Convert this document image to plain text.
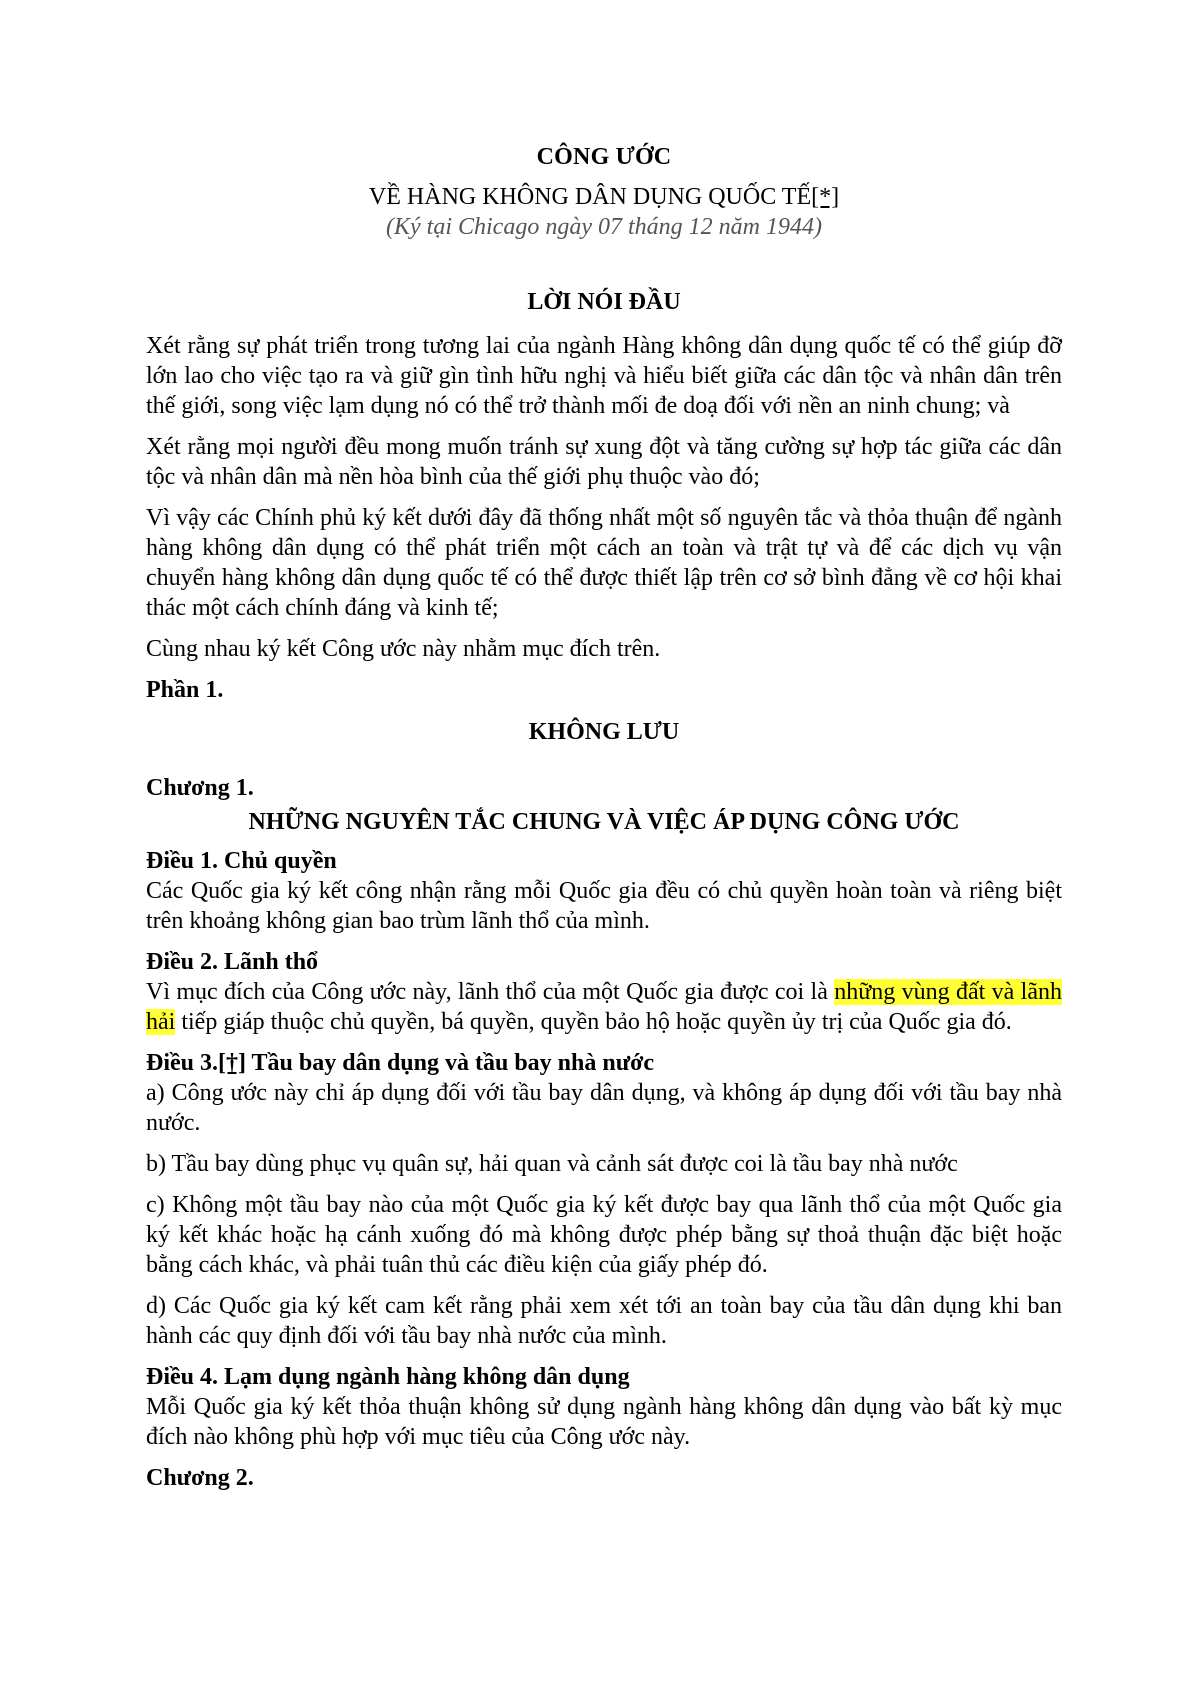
CÔNG ƯỚC
VỀ HÀNG KHÔNG DÂN DỤNG QUỐC TẾ[*]
(Ký tại Chicago ngày 07 tháng 12 năm 1944)
LỜI NÓI ĐẦU

Xét rằng sự phát triển trong tương lai của ngành Hàng không dân dụng quốc tế có thể giúp đỡ lớn lao cho việc tạo ra và giữ gìn tình hữu nghị và hiểu biết giữa các dân tộc và nhân dân trên thế giới, song việc lạm dụng nó có thể trở thành mối đe doạ đối với nền an ninh chung; và

Xét rằng mọi người đều mong muốn tránh sự xung đột và tăng cường sự hợp tác giữa các dân tộc và nhân dân mà nền hòa bình của thế giới phụ thuộc vào đó;

Vì vậy các Chính phủ ký kết dưới đây đã thống nhất một số nguyên tắc và thỏa thuận để ngành hàng không dân dụng có thể phát triển một cách an toàn và trật tự và để các dịch vụ vận chuyển hàng không dân dụng quốc tế có thể được thiết lập trên cơ sở bình đẳng về cơ hội khai thác một cách chính đáng và kinh tế;

Cùng nhau ký kết Công ước này nhằm mục đích trên.

Phần 1.
KHÔNG LƯU
Chương 1.
NHỮNG NGUYÊN TẮC CHUNG VÀ VIỆC ÁP DỤNG CÔNG ƯỚC
Điều 1. Chủ quyền

Các Quốc gia ký kết công nhận rằng mỗi Quốc gia đều có chủ quyền hoàn toàn và riêng biệt trên khoảng không gian bao trùm lãnh thổ của mình.

Điều 2. Lãnh thổ

Vì mục đích của Công ước này, lãnh thổ của một Quốc gia được coi là những vùng đất và lãnh hải tiếp giáp thuộc chủ quyền, bá quyền, quyền bảo hộ hoặc quyền ủy trị của Quốc gia đó.

Điều 3.[†] Tầu bay dân dụng và tầu bay nhà nước

a) Công ước này chỉ áp dụng đối với tầu bay dân dụng, và không áp dụng đối với tầu bay nhà nước.

b) Tầu bay dùng phục vụ quân sự, hải quan và cảnh sát được coi là tầu bay nhà nước

c) Không một tầu bay nào của một Quốc gia ký kết được bay qua lãnh thổ của một Quốc gia ký kết khác hoặc hạ cánh xuống đó mà không được phép bằng sự thoả thuận đặc biệt hoặc bằng cách khác, và phải tuân thủ các điều kiện của giấy phép đó.

d) Các Quốc gia ký kết cam kết rằng phải xem xét tới an toàn bay của tầu dân dụng khi ban hành các quy định đối với tầu bay nhà nước của mình.

Điều 4. Lạm dụng ngành hàng không dân dụng

Mỗi Quốc gia ký kết thỏa thuận không sử dụng ngành hàng không dân dụng vào bất kỳ mục đích nào không phù hợp với mục tiêu của Công ước này.

Chương 2.
